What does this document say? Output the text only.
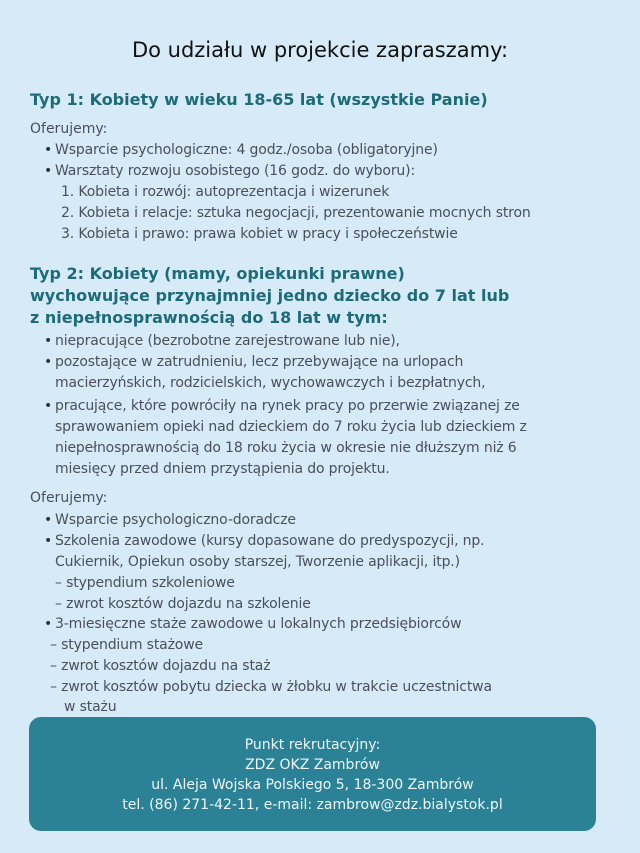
Do udziału w projekcie zapraszamy:
Typ 1: Kobiety w wieku 18-65 lat (wszystkie Panie)
Oferujemy:
• Wsparcie psychologiczne: 4 godz./osoba (obligatoryjne)
• Warsztaty rozwoju osobistego (16 godz. do wyboru):
1. Kobieta i rozwój: autoprezentacja i wizerunek
2. Kobieta i relacje: sztuka negocjacji, prezentowanie mocnych stron
3. Kobieta i prawo: prawa kobiet w pracy i społeczeństwie
Typ 2: Kobiety (mamy, opiekunki prawne)
wychowujące przynajmniej jedno dziecko do 7 lat lub
z niepełnosprawnością do 18 lat w tym:
• niepracujące (bezrobotne zarejestrowane lub nie),
• pozostające w zatrudnieniu, lecz przebywające na urlopach
macierzyńskich, rodzicielskich, wychowawczych i bezpłatnych,
• pracujące, które powróciły na rynek pracy po przerwie związanej ze
sprawowaniem opieki nad dzieckiem do 7 roku życia lub dzieckiem z
niepełnosprawnością do 18 roku życia w okresie nie dłuższym niż 6
miesięcy przed dniem przystąpienia do projektu.
Oferujemy:
• Wsparcie psychologiczno-doradcze
• Szkolenia zawodowe (kursy dopasowane do predyspozycji, np.
Cukiernik, Opiekun osoby starszej, Tworzenie aplikacji, itp.)
– stypendium szkoleniowe
– zwrot kosztów dojazdu na szkolenie
• 3-miesięczne staże zawodowe u lokalnych przedsiębiorców
– stypendium stażowe
– zwrot kosztów dojazdu na staż
– zwrot kosztów pobytu dziecka w żłobku w trakcie uczestnictwa
w stażu
Punkt rekrutacyjny:
ZDZ OKZ Zambrów
ul. Aleja Wojska Polskiego 5, 18-300 Zambrów
tel. (86) 271-42-11, e-mail: zambrow@zdz.bialystok.pl
